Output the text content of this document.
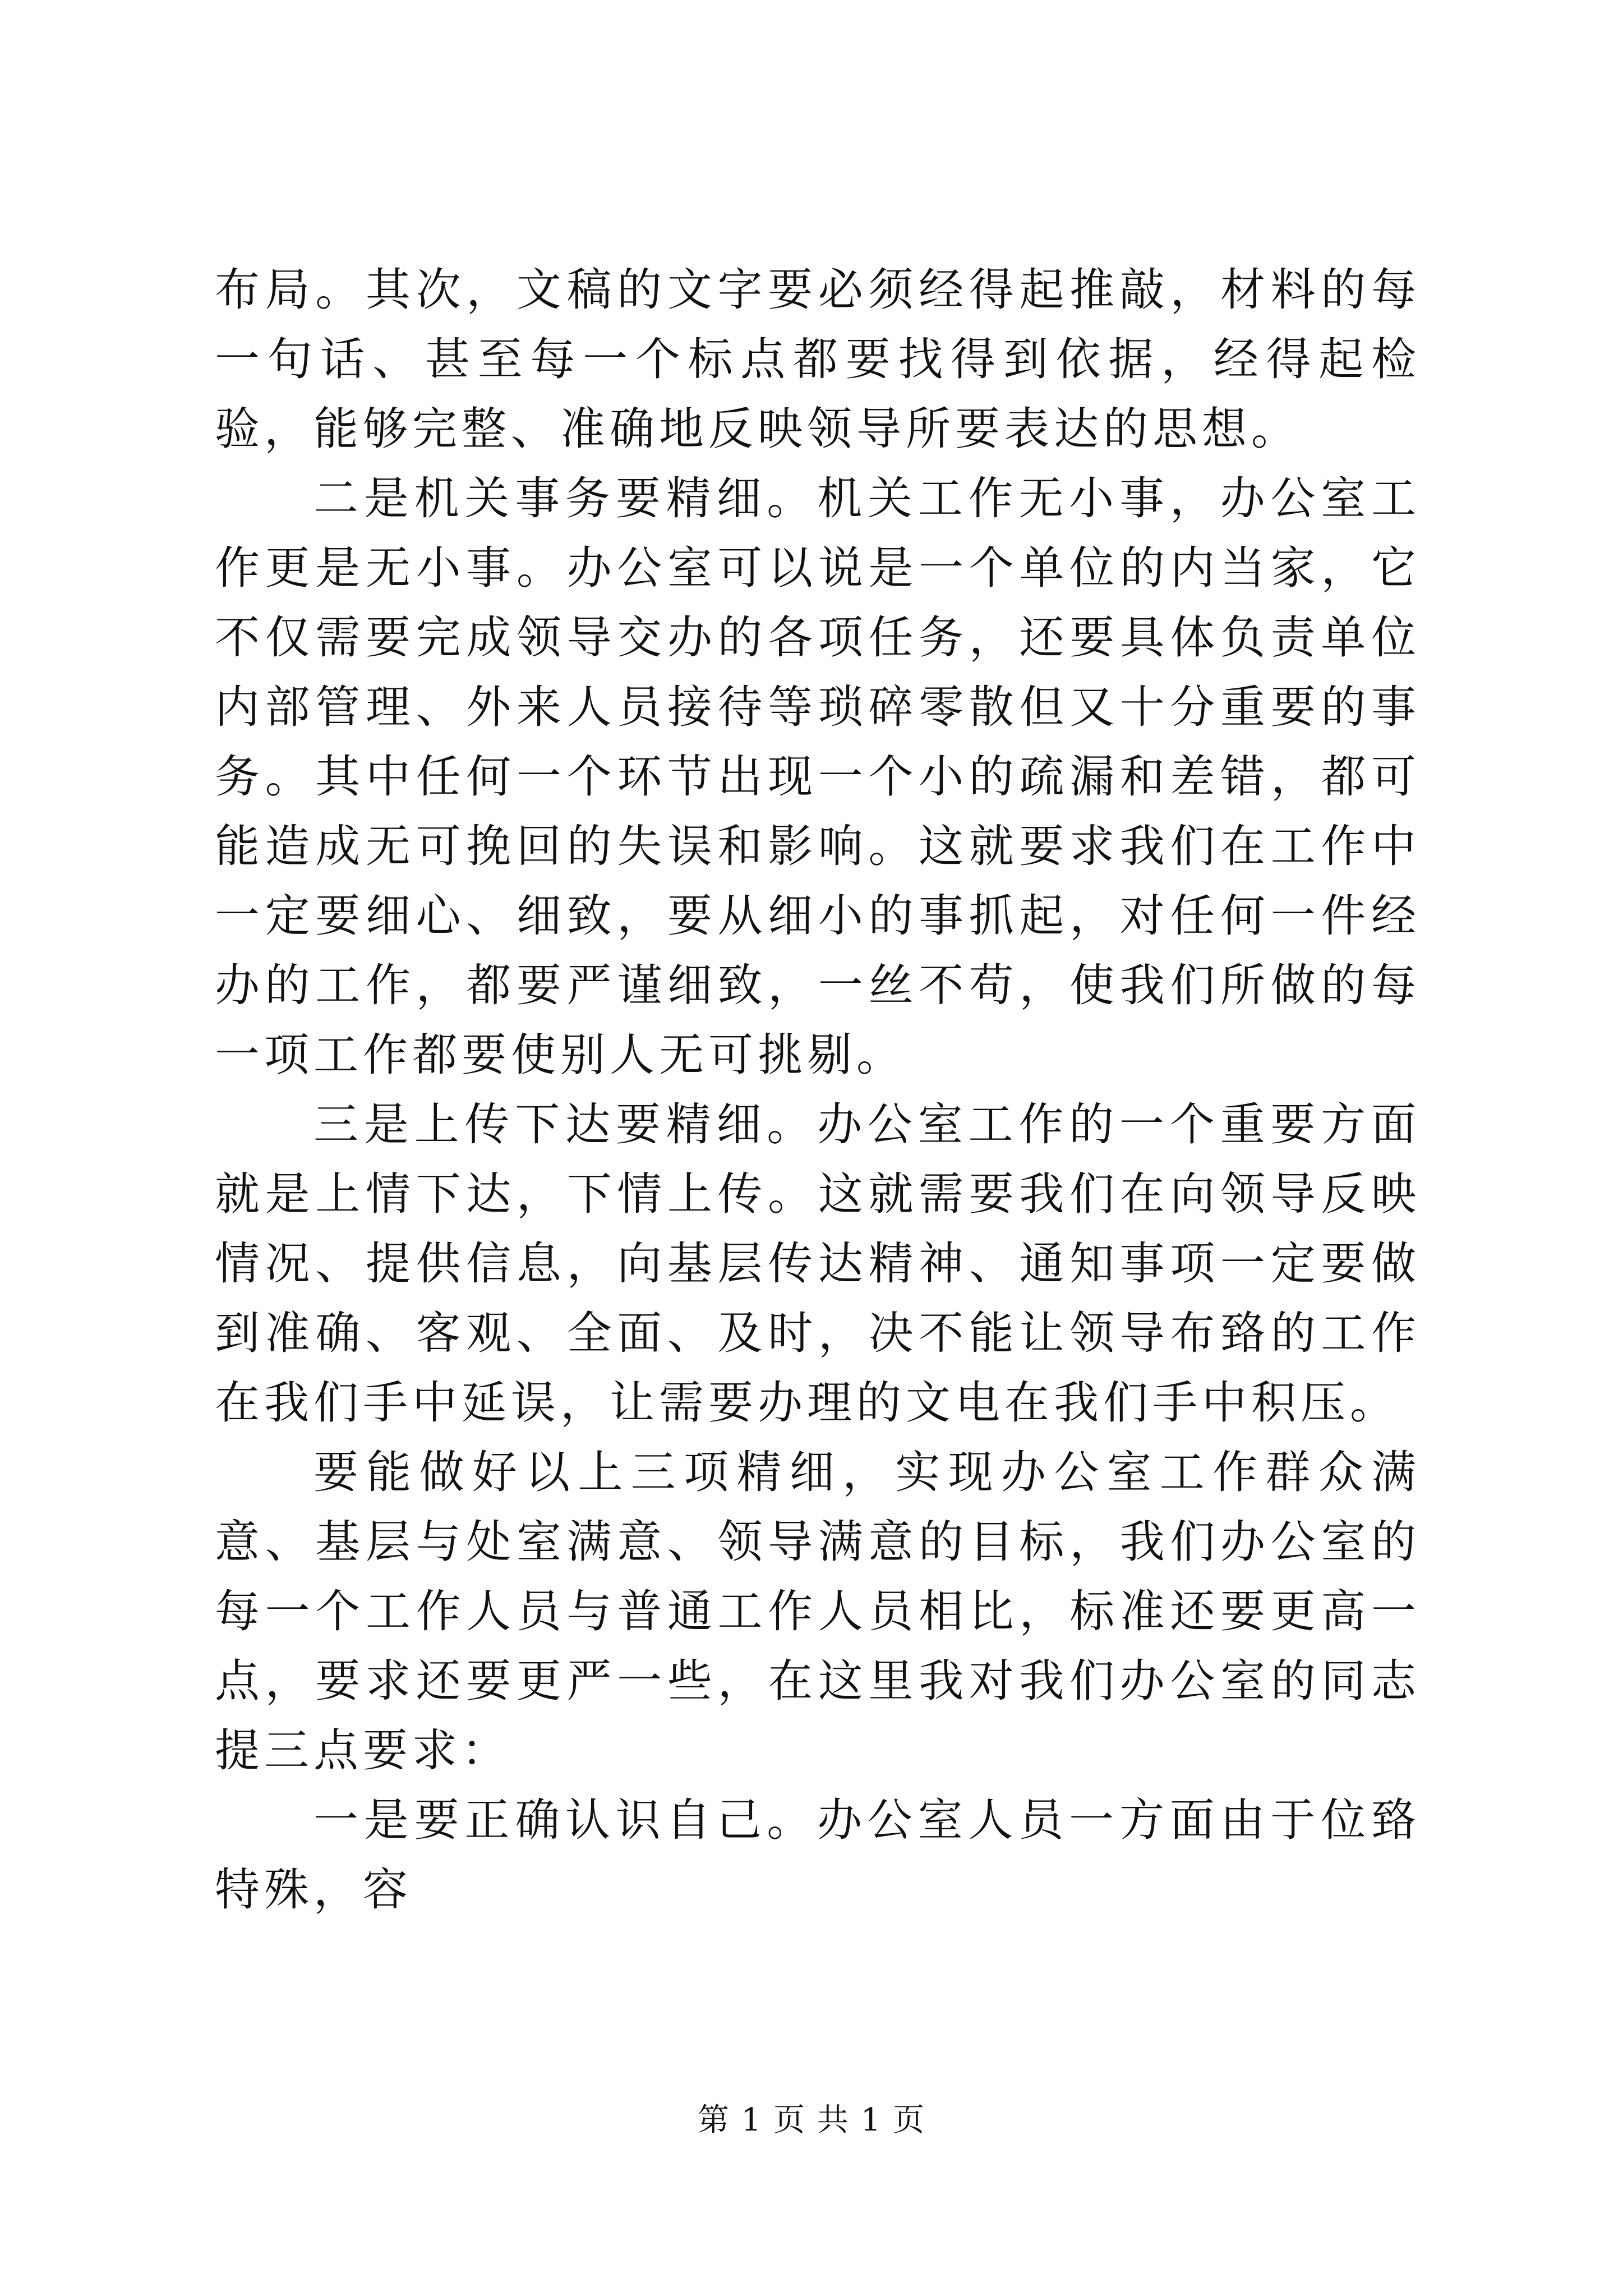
布局。其次，文稿的文字要必须经得起推敲，材料的每一句话、甚至每一个标点都要找得到依据，经得起检验，能够完整、准确地反映领导所要表达的思想。

二是机关事务要精细。机关工作无小事，办公室工作更是无小事。办公室可以说是一个单位的内当家，它不仅需要完成领导交办的各项任务，还要具体负责单位内部管理、外来人员接待等琐碎零散但又十分重要的事务。其中任何一个环节出现一个小的疏漏和差错，都可能造成无可挽回的失误和影响。这就要求我们在工作中一定要细心、细致，要从细小的事抓起，对任何一件经办的工作，都要严谨细致，一丝不苟，使我们所做的每一项工作都要使别人无可挑剔。

三是上传下达要精细。办公室工作的一个重要方面就是上情下达，下情上传。这就需要我们在向领导反映情况、提供信息，向基层传达精神、通知事项一定要做到准确、客观、全面、及时，决不能让领导布臵的工作在我们手中延误，让需要办理的文电在我们手中积压。

要能做好以上三项精细，实现办公室工作群众满意、基层与处室满意、领导满意的目标，我们办公室的每一个工作人员与普通工作人员相比，标准还要更高一点，要求还要更严一些，在这里我对我们办公室的同志提三点要求：

一是要正确认识自己。办公室人员一方面由于位臵特殊，容

第 1 页 共 1 页
